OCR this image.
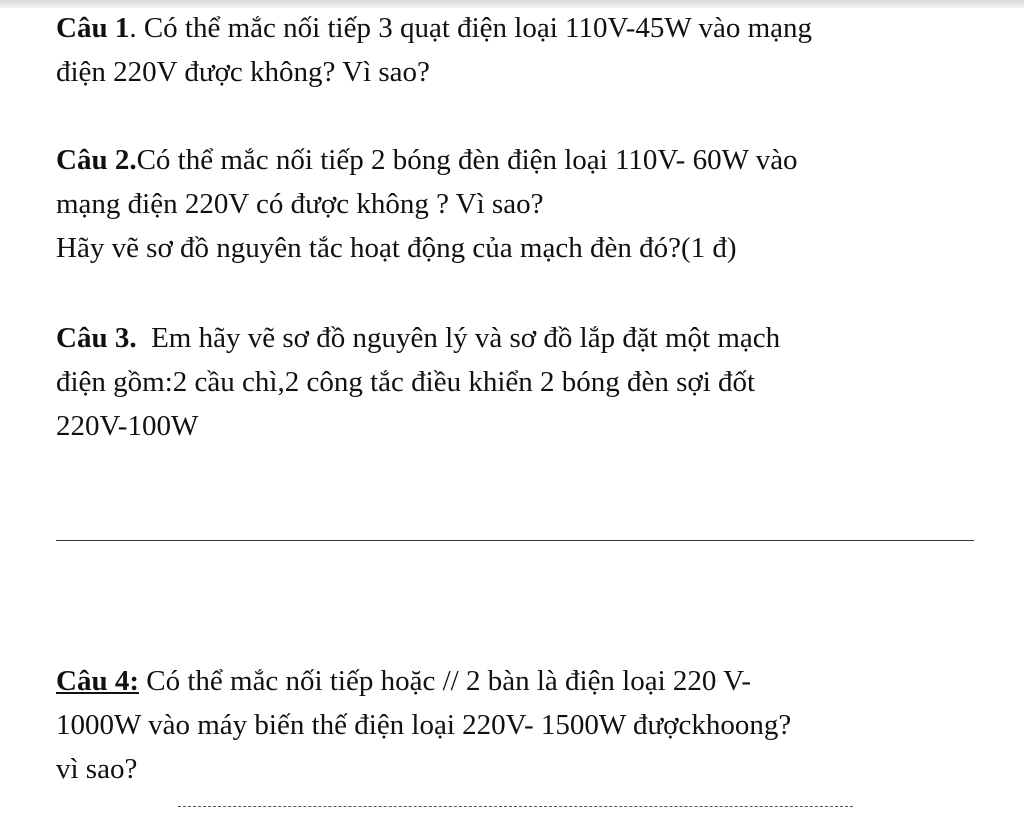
Câu 1. Có thể mắc nối tiếp 3 quạt điện loại 110V-45W vào mạng
điện 220V được không? Vì sao?

Câu 2.Có thể mắc nối tiếp 2 bóng đèn điện loại 110V- 60W vào
mạng điện 220V có được không ? Vì sao?
Hãy vẽ sơ đồ nguyên tắc hoạt động của mạch đèn đó?(1 đ)

Câu 3.  Em hãy vẽ sơ đồ nguyên lý và sơ đồ lắp đặt một mạch
điện gồm:2 cầu chì,2 công tắc điều khiển 2 bóng đèn sợi đốt
220V-100W

Câu 4: Có thể mắc nối tiếp hoặc // 2 bàn là điện loại 220 V-
1000W vào máy biến thế điện loại 220V- 1500W đượckhoong?
vì sao?
